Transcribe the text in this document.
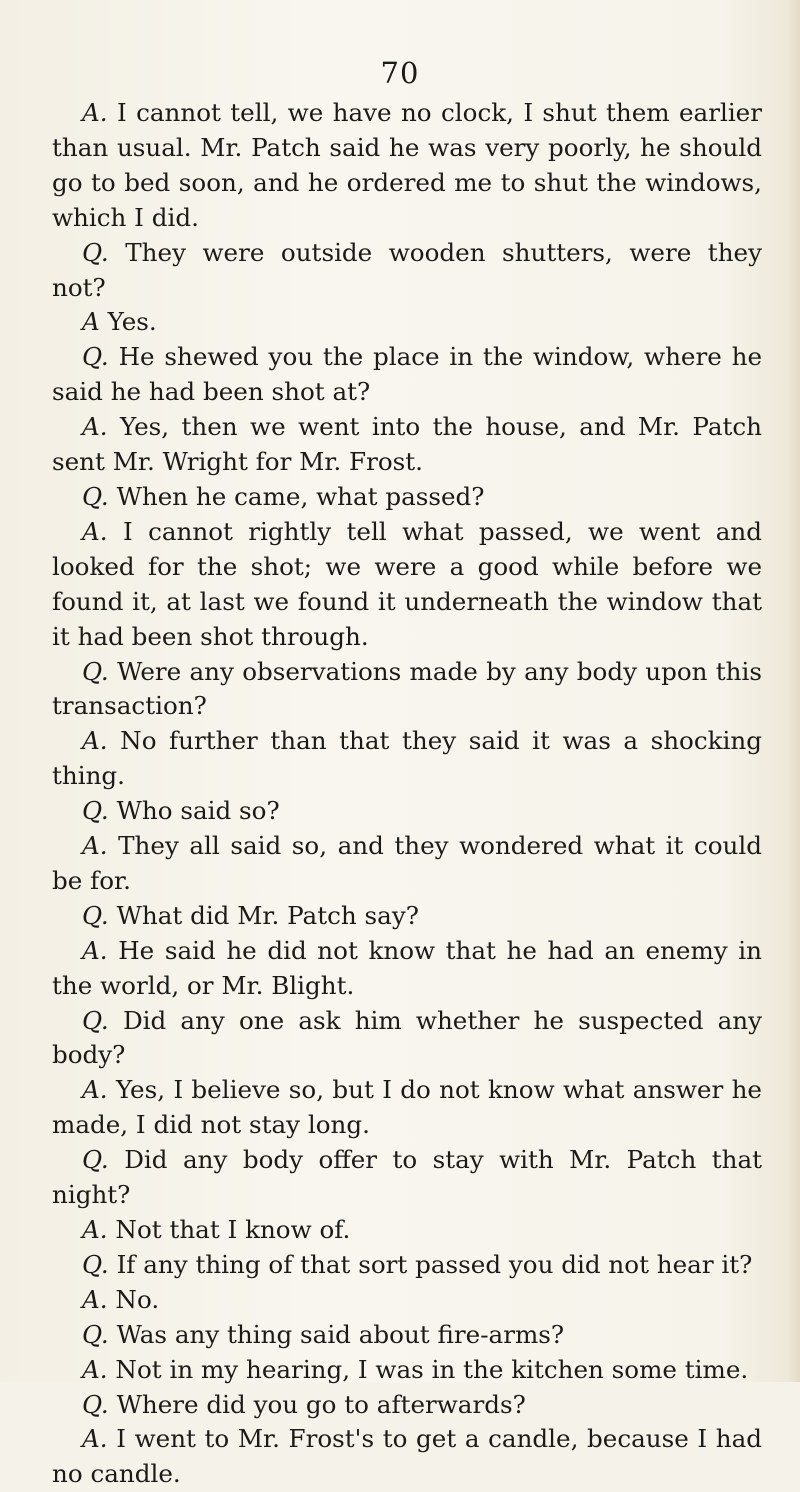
70

A. I cannot tell, we have no clock, I shut them earlier than usual. Mr. Patch said he was very poorly, he should go to bed soon, and he ordered me to shut the windows, which I did.

Q. They were outside wooden shutters, were they not?

A Yes.

Q. He shewed you the place in the window, where he said he had been shot at?

A. Yes, then we went into the house, and Mr. Patch sent Mr. Wright for Mr. Frost.

Q. When he came, what passed?

A. I cannot rightly tell what passed, we went and looked for the shot; we were a good while before we found it, at last we found it underneath the window that it had been shot through.

Q. Were any observations made by any body upon this transaction?

A. No further than that they said it was a shocking thing.

Q. Who said so?

A. They all said so, and they wondered what it could be for.

Q. What did Mr. Patch say?

A. He said he did not know that he had an enemy in the world, or Mr. Blight.

Q. Did any one ask him whether he suspected any body?

A. Yes, I believe so, but I do not know what answer he made, I did not stay long.

Q. Did any body offer to stay with Mr. Patch that night?

A. Not that I know of.

Q. If any thing of that sort passed you did not hear it?

A. No.

Q. Was any thing said about fire-arms?

A. Not in my hearing, I was in the kitchen some time.

Q. Where did you go to afterwards?

A. I went to Mr. Frost's to get a candle, because I had no candle.
